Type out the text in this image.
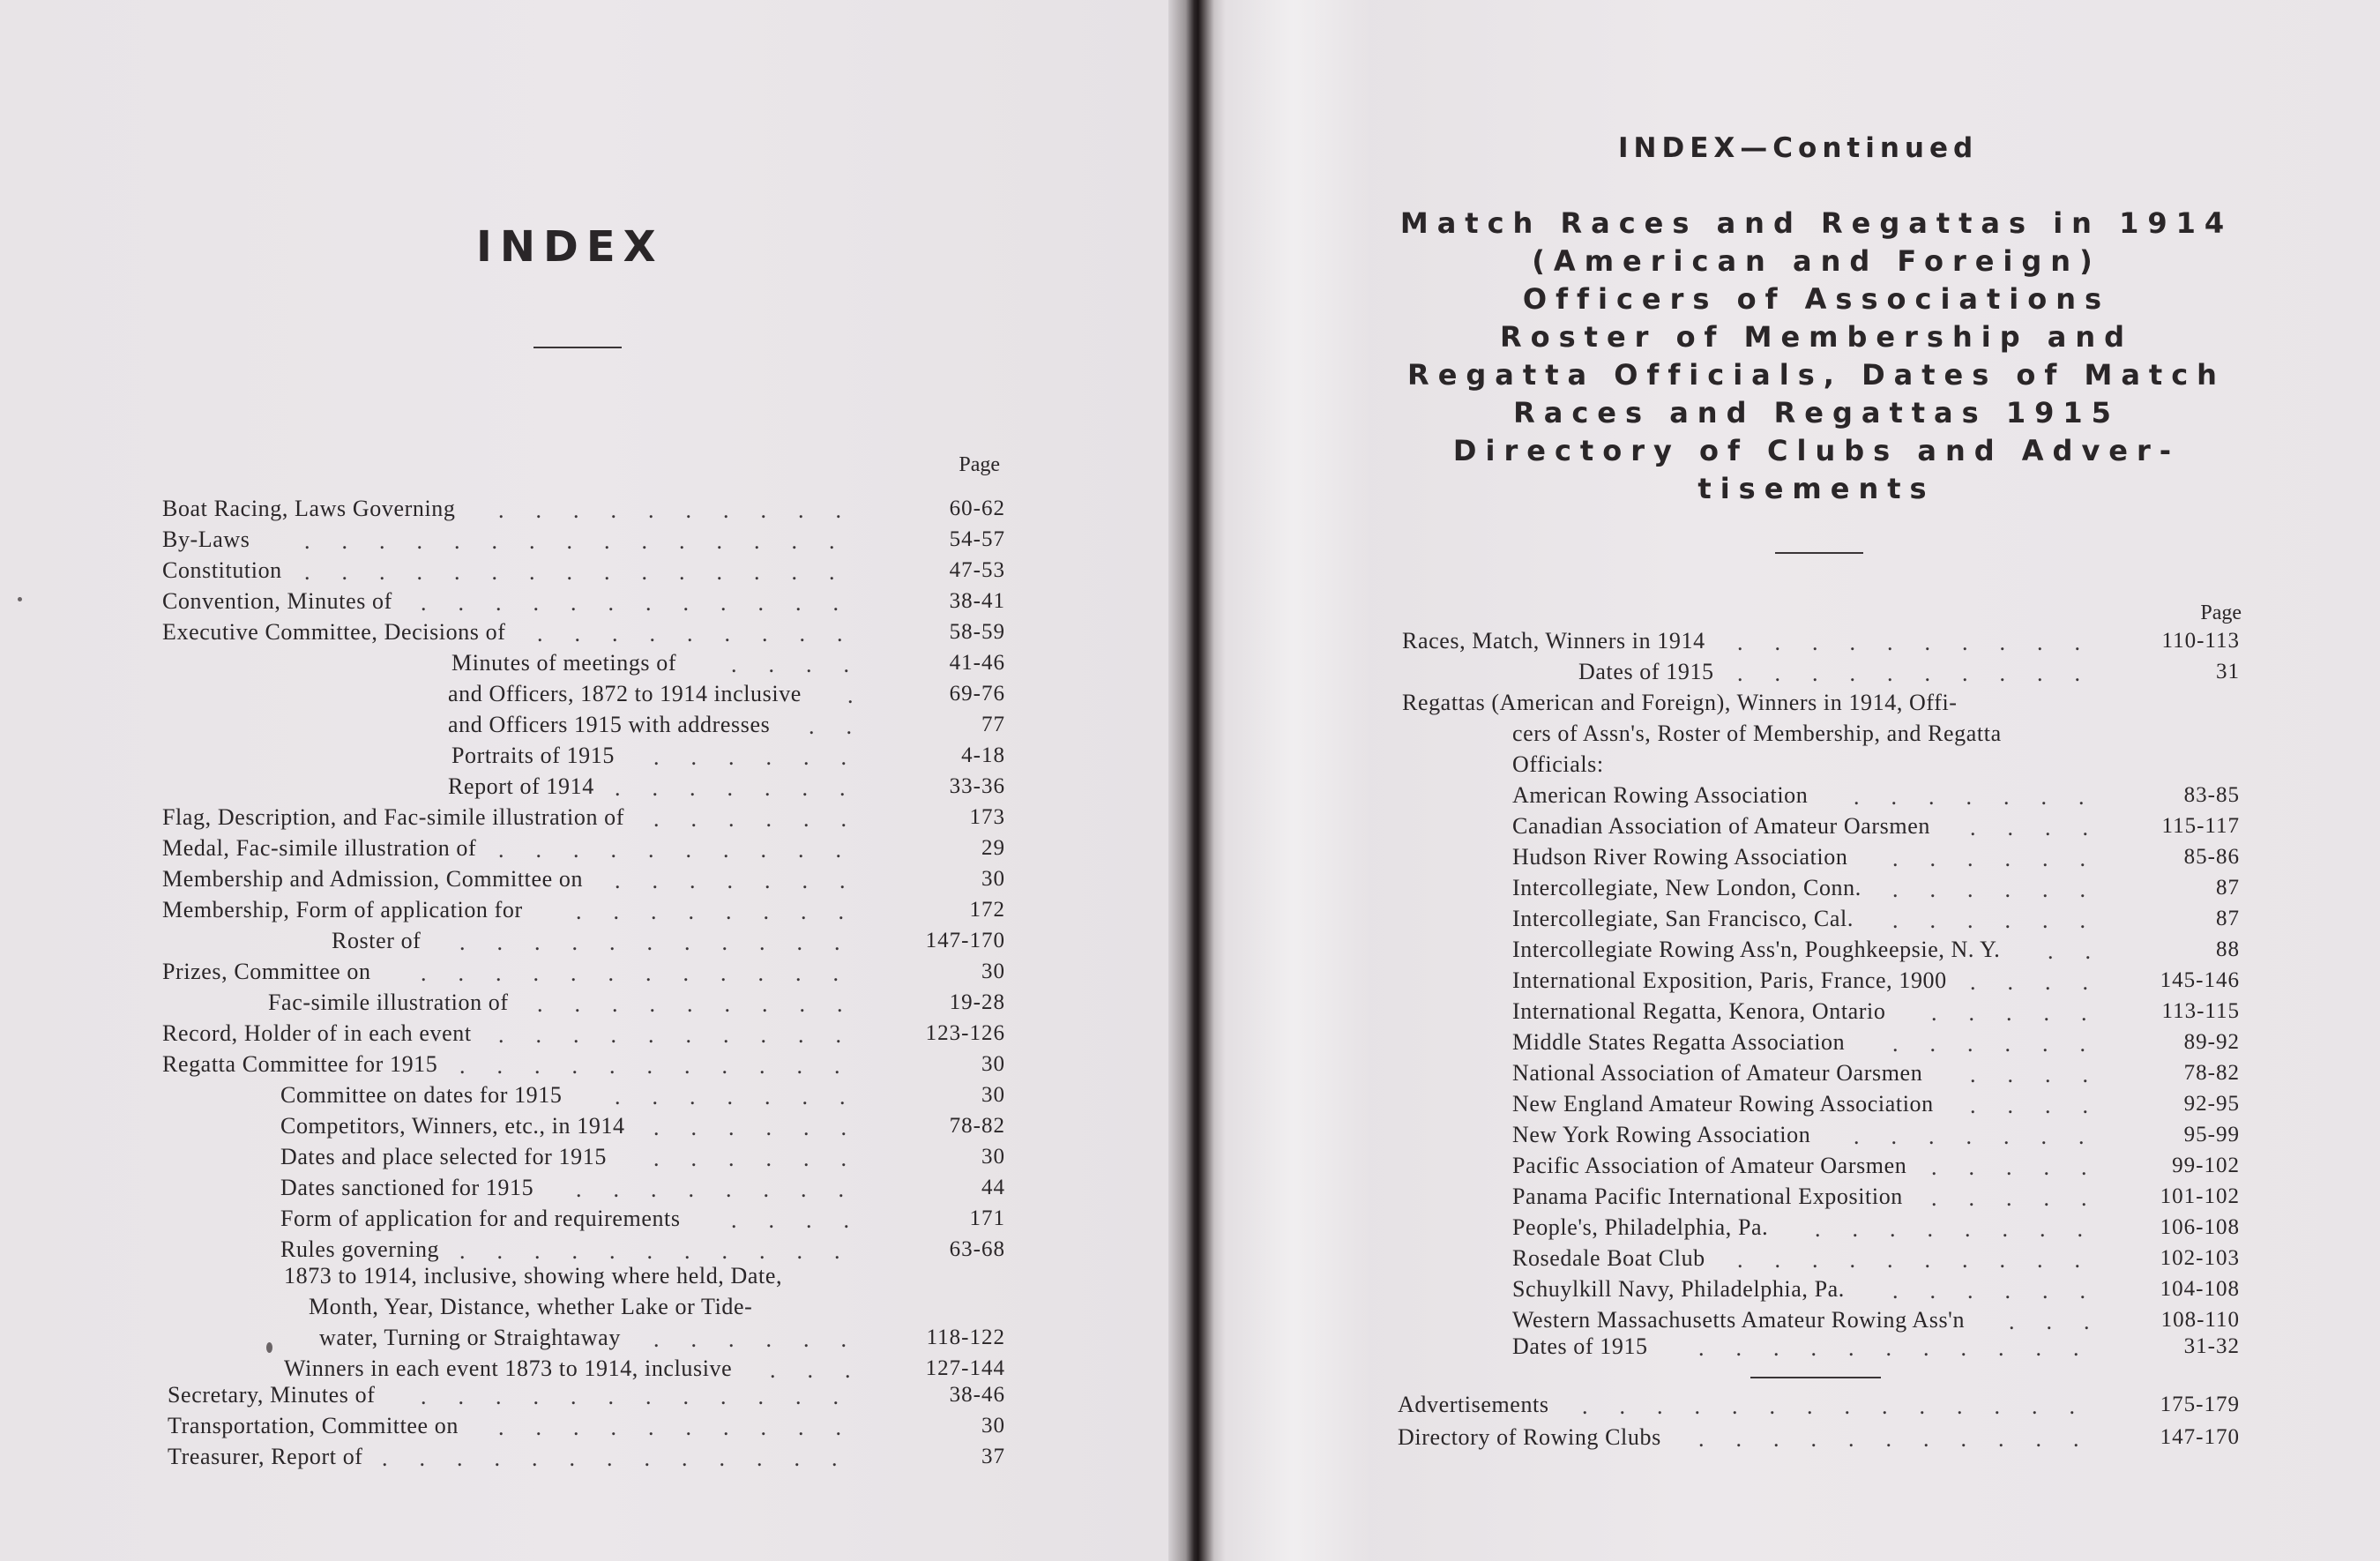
INDEX
Page
Boat Racing, Laws Governing	60-62
..........
By-Laws	54-57
...............
Constitution	47-53
...............
Convention, Minutes of	38-41
............
Executive Committee, Decisions of	58-59
.........
Minutes of meetings of	41-46
....
and Officers, 1872 to 1914 inclusive	69-76
.
and Officers 1915 with addresses	77
..
Portraits of 1915	4-18
......
Report of 1914	33-36
.......
Flag, Description, and Fac-simile illustration of	173
......
Medal, Fac-simile illustration of	29
..........
Membership and Admission, Committee on	30
.......
Membership, Form of application for	172
........
Roster of	147-170
...........
Prizes, Committee on	30
............
Fac-simile illustration of	19-28
.........
Record, Holder of in each event	123-126
..........
Regatta Committee for 1915	30
...........
Committee on dates for 1915	30
.......
Competitors, Winners, etc., in 1914	78-82
......
Dates and place selected for 1915	30
......
Dates sanctioned for 1915	44
........
Form of application for and requirements	171
....
Rules governing	63-68
...........
1873 to 1914, inclusive, showing where held, Date,
Month, Year, Distance, whether Lake or Tide-
water, Turning or Straightaway	118-122
......
Winners in each event 1873 to 1914, inclusive	127-144
...
Secretary, Minutes of	38-46
............
Transportation, Committee on	30
..........
Treasurer, Report of	37
.............
INDEX—Continued
Match Races and Regattas in 1914
(American and Foreign)
Officers of Associations
Roster of Membership and
Regatta Officials, Dates of Match
Races and Regattas 1915
Directory of Clubs and Adver-
tisements
Page
Races, Match, Winners in 1914	110-113
..........
Dates of 1915	31
..........
Regattas (American and Foreign), Winners in 1914, Offi-
cers of Assn's, Roster of Membership, and Regatta
Officials:
American Rowing Association	83-85
.......
Canadian Association of Amateur Oarsmen	115-117
....
Hudson River Rowing Association	85-86
......
Intercollegiate, New London, Conn.	87
......
Intercollegiate, San Francisco, Cal.	87
......
Intercollegiate Rowing Ass'n, Poughkeepsie, N. Y.	88
..
International Exposition, Paris, France, 1900	145-146
....
International Regatta, Kenora, Ontario	113-115
.....
Middle States Regatta Association	89-92
......
National Association of Amateur Oarsmen	78-82
....
New England Amateur Rowing Association	92-95
....
New York Rowing Association	95-99
.......
Pacific Association of Amateur Oarsmen	99-102
.....
Panama Pacific International Exposition	101-102
.....
People's, Philadelphia, Pa.	106-108
........
Rosedale Boat Club	102-103
..........
Schuylkill Navy, Philadelphia, Pa.	104-108
......
Western Massachusetts Amateur Rowing Ass'n	108-110
...
Dates of 1915	31-32
...........
Advertisements	175-179
..............
Directory of Rowing Clubs	147-170
...........
